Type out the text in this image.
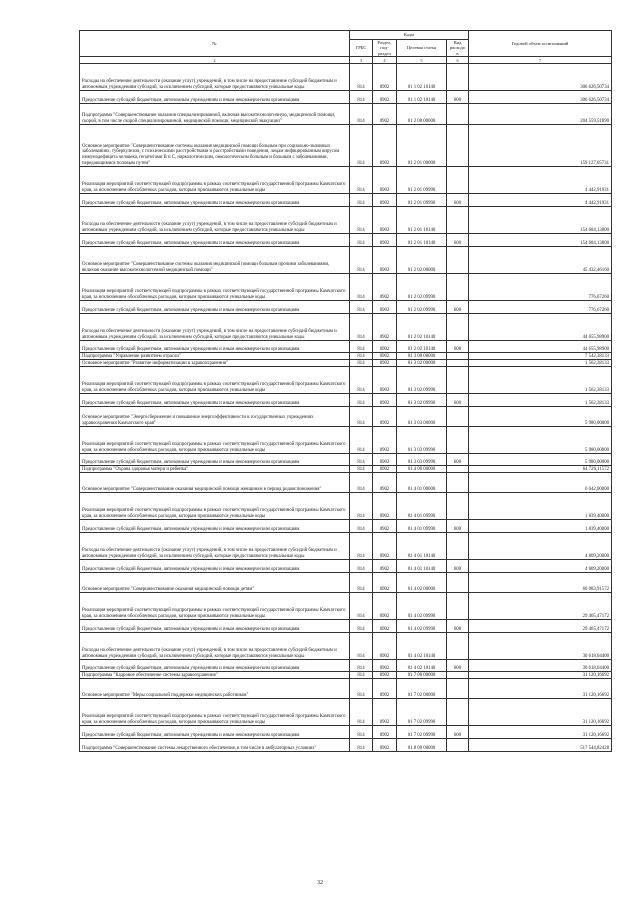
№	Коды				Годовой объем ассигнований
	ГРБС	Раздел, под-раздел	Целевая статья	Вид расходов	
2	3	4	5	6	7
Расходы на обеспечение деятельности (оказание услуг) учреждений, в том числе на предоставление субсидий бюджетным и автономным учреждениям субсидий, за исключением субсидий, которые предоставляются уникальные коды	814	0902	01 1 02 10140		306 626,50734
Предоставление субсидий бюджетным, автономным учреждениям и иным некоммерческим организациям	814	0902	01 1 02 10140	600	306 626,50734
Подпрограмма "Совершенствование оказания специализированной, включая высокотехнологичную, медицинской помощи, скорой, в том числе скорой специализированной, медицинской помощи, медицинской эвакуации"	814	0902	01 2 00 00000		204 559,51890
Основное мероприятие "Совершенствование системы оказания медицинской помощи больным при социально-значимых заболеваниях: туберкулезом, с психическими расстройствами и расстройствами поведения, лицам инфицированным вирусом иммунодефицита человека, гепатитами В и С, наркологическим, онкологическим больным и больным с заболеваниями, передающимися половым путем"	814	0902	01 2 01 00000		159 127,05731
Реализация мероприятий соответствующей подпрограммы в рамках соответствующей государственной программы Камчатского края, за исключением обособленных расходов, которым присваиваются уникальные коды	814	0902	01 2 01 09990		4 442,91931
Предоставление субсидий бюджетным, автономным учреждениям и иным некоммерческим организациям	814	0902	01 2 01 09990	600	4 442,91931
Расходы на обеспечение деятельности (оказание услуг) учреждений, в том числе на предоставление субсидий бюджетным и автономным учреждениям субсидий, за исключением субсидий, которые предоставляются уникальные коды	814	0902	01 2 01 10140		154 684,13800
Предоставление субсидий бюджетным, автономным учреждениям и иным некоммерческим организациям	814	0902	01 2 01 10140	600	154 684,13800
Основное мероприятие "Совершенствование системы оказания медицинской помощи больным прочими заболеваниями, включая оказание высокотехнологичной медицинской помощи"	814	0902	01 2 02 00000		45 432,46160
Реализация мероприятий соответствующей подпрограммы в рамках соответствующей государственной программы Камчатского края, за исключением обособленных расходов, которым присваиваются уникальные коды	814	0902	01 2 02 09990		776,67260
Предоставление субсидий бюджетным, автономным учреждениям и иным некоммерческим организациям	814	0902	01 2 02 09990	600	776,67260
Расходы на обеспечение деятельности (оказание услуг) учреждений, в том числе на предоставление субсидий бюджетным и автономным учреждениям субсидий, за исключением субсидий, которые предоставляются уникальные коды	814	0902	01 2 02 10140		44 655,98900
Предоставление субсидий бюджетным, автономным учреждениям и иным некоммерческим организациям	814	0902	01 2 02 10140	600	44 655,98900
Подпрограмма "Управление развитием отрасли"	814	0902	01 3 00 00000		7 542,38133
Основное мероприятие "Развитие информатизации в здравоохранении"	814	0902	01 3 02 00000		1 562,38133
Реализация мероприятий соответствующей подпрограммы в рамках соответствующей государственной программы Камчатского края, за исключением обособленных расходов, которым присваиваются уникальные коды	814	0902	01 3 02 09990		1 562,38133
Предоставление субсидий бюджетным, автономным учреждениям и иным некоммерческим организациям	814	0902	01 3 02 09990	600	1 562,38133
Основное мероприятие "Энергосбережение и повышение энергоэффективности в государственных учреждениях здравоохранения Камчатского края"	814	0902	01 3 03 00000		5 980,00000
Реализация мероприятий соответствующей подпрограммы в рамках соответствующей государственной программы Камчатского края, за исключением обособленных расходов, которым присваиваются уникальные коды	814	0902	01 3 03 09990		5 980,00000
Предоставление субсидий бюджетным, автономным учреждениям и иным некоммерческим организациям	814	0902	01 3 03 09990	600	5 980,00000
Подпрограмма "Охрана здоровья матери и ребенка"	814	0902	01 4 00 00000		64 726,11572
Основное мероприятие "Совершенствование оказания медицинской помощи женщинам в период родовспоможения"	814	0902	01 4 01 00000		6 642,00000
Реализация мероприятий соответствующей подпрограммы в рамках соответствующей государственной программы Камчатского края, за исключением обособленных расходов, которым присваиваются уникальные коды	814	0902	01 4 01 09990		1 839,40000
Предоставление субсидий бюджетным, автономным учреждениям и иным некоммерческим организациям	814	0902	01 4 01 09990	600	1 839,40000
Расходы на обеспечение деятельности (оказание услуг) учреждений, в том числе на предоставление субсидий бюджетным и автономным учреждениям субсидий, за исключением субсидий, которые предоставляются уникальные коды	814	0902	01 4 01 10140		4 809,20000
Предоставление субсидий бюджетным, автономным учреждениям и иным некоммерческим организациям	814	0902	01 4 01 10140	600	4 809,20000
Основное мероприятие "Совершенствование оказания медицинской помощи детям"	814	0902	01 4 02 00000		60 083,91572
Реализация мероприятий соответствующей подпрограммы в рамках соответствующей государственной программы Камчатского края, за исключением обособленных расходов, которым присваиваются уникальные коды	814	0902	01 4 02 09990		29 465,47172
Предоставление субсидий бюджетным, автономным учреждениям и иным некоммерческим организациям	814	0902	01 4 02 09990	600	29 465,47172
Расходы на обеспечение деятельности (оказание услуг) учреждений, в том числе на предоставление субсидий бюджетным и автономным учреждениям субсидий, за исключением субсидий, которые предоставляются уникальные коды	814	0902	01 4 02 10140		30 618,04400
Предоставление субсидий бюджетным, автономным учреждениям и иным некоммерческим организациям	814	0902	01 4 02 10140	600	30 618,04400
Подпрограмма "Кадровое обеспечение системы здравоохранения"	814	0902	01 7 00 00000		31 120,16692
Основное мероприятие "Меры социальной поддержки медицинских работников"	814	0902	01 7 02 00000		31 120,16692
Реализация мероприятий соответствующей подпрограммы в рамках соответствующей государственной программы Камчатского края, за исключением обособленных расходов, которым присваиваются уникальные коды	814	0902	01 7 02 09990		31 120,16692
Предоставление субсидий бюджетным, автономным учреждениям и иным некоммерческим организациям	814	0902	01 7 02 09990	600	31 120,16692
Подпрограмма "Совершенствование системы лекарственного обеспечения, в том числе в амбулаторных условиях"	814	0902	01 8 00 00000		517 544,82428
32
